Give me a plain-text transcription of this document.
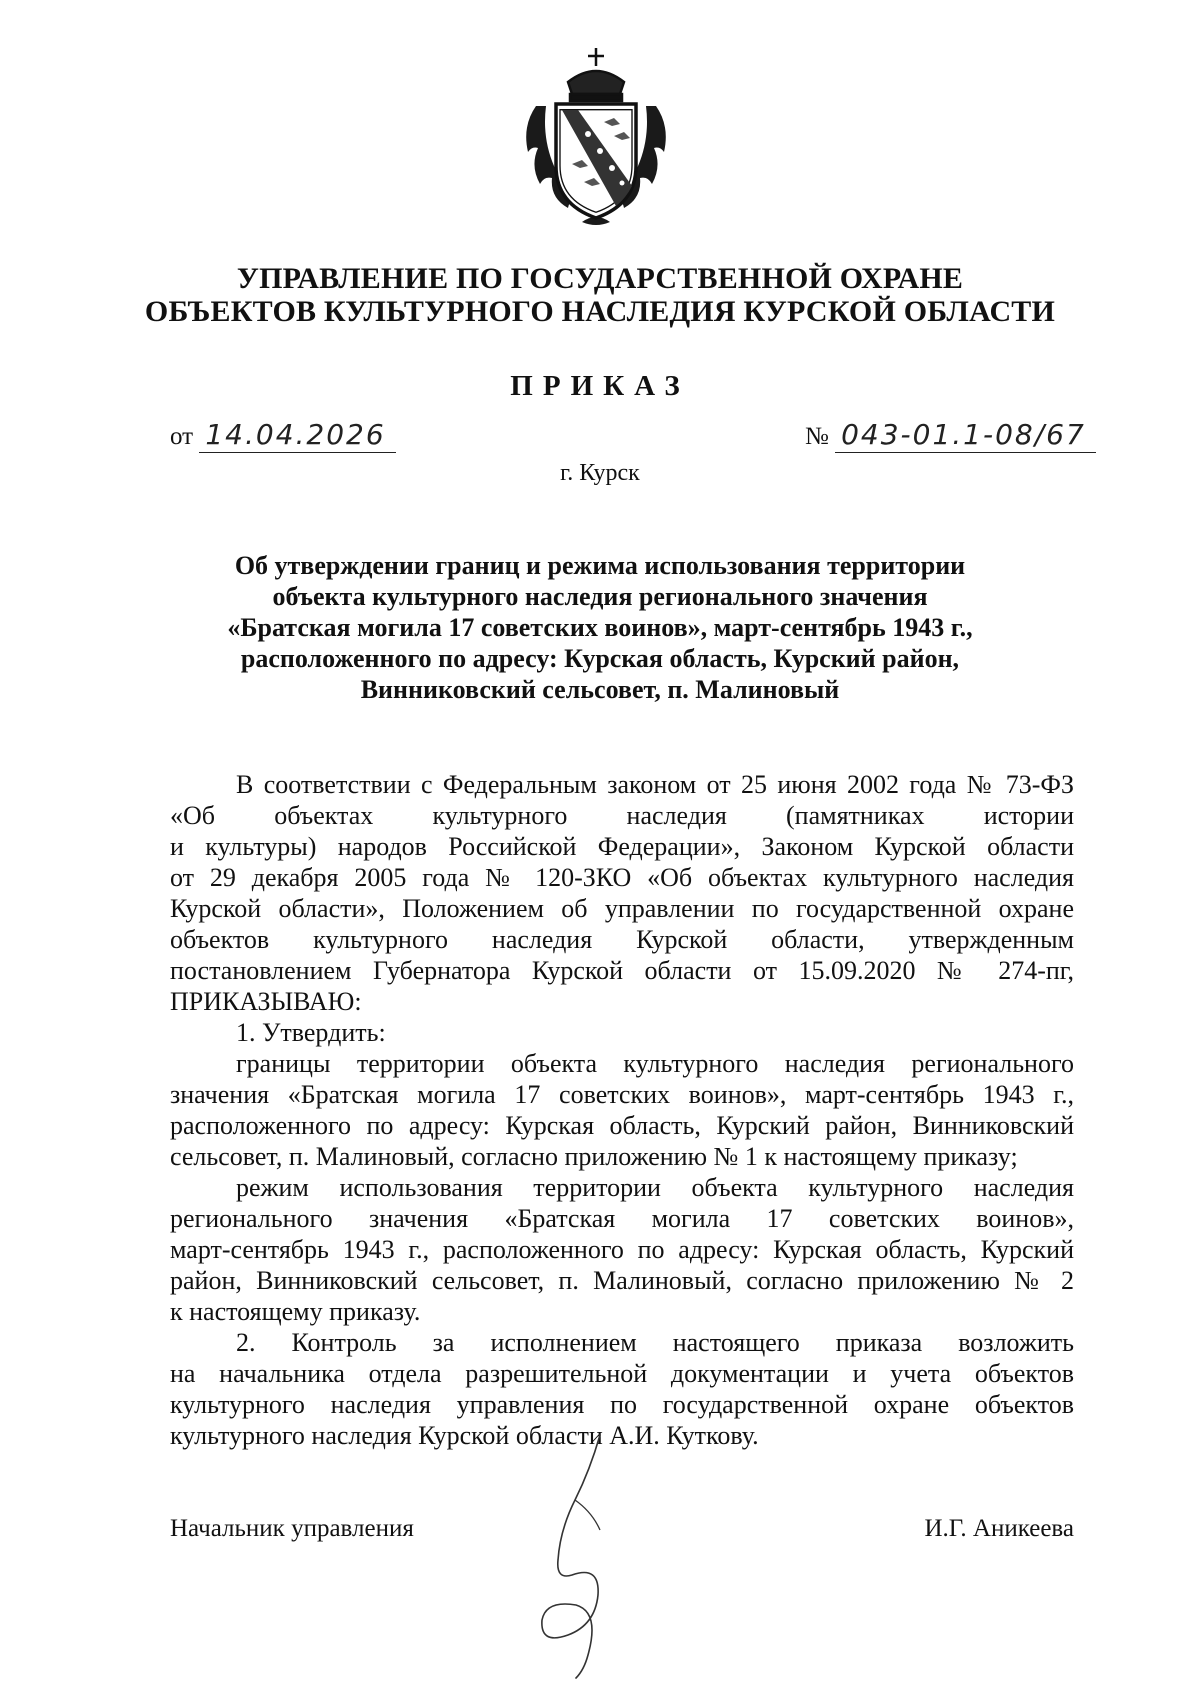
УПРАВЛЕНИЕ ПО ГОСУДАРСТВЕННОЙ ОХРАНЕ
ОБЪЕКТОВ КУЛЬТУРНОГО НАСЛЕДИЯ КУРСКОЙ ОБЛАСТИ
ПРИКАЗ
от 14.04.2026	№ 043-01.1-08/67
г. Курск
Об утверждении границ и режима использования территории
объекта культурного наследия регионального значения
«Братская могила 17 советских воинов», март-сентябрь 1943 г.,
расположенного по адресу: Курская область, Курский район,
Винниковский сельсовет, п. Малиновый
В соответствии с Федеральным законом от 25 июня 2002 года № 73-ФЗ
«Об объектах культурного наследия (памятниках истории
и культуры) народов Российской Федерации», Законом Курской области
от 29 декабря 2005 года № 120-ЗКО «Об объектах культурного наследия
Курской области», Положением об управлении по государственной охране
объектов культурного наследия Курской области, утвержденным
постановлением Губернатора Курской области от 15.09.2020 № 274-пг,
ПРИКАЗЫВАЮ:
1. Утвердить:
границы территории объекта культурного наследия регионального
значения «Братская могила 17 советских воинов», март-сентябрь 1943 г.,
расположенного по адресу: Курская область, Курский район, Винниковский
сельсовет, п. Малиновый, согласно приложению № 1 к настоящему приказу;
режим использования территории объекта культурного наследия
регионального значения «Братская могила 17 советских воинов»,
март-сентябрь 1943 г., расположенного по адресу: Курская область, Курский
район, Винниковский сельсовет, п. Малиновый, согласно приложению № 2
к настоящему приказу.
2. Контроль за исполнением настоящего приказа возложить
на начальника отдела разрешительной документации и учета объектов
культурного наследия управления по государственной охране объектов
культурного наследия Курской области А.И. Куткову.
Начальник управления	И.Г. Аникеева
